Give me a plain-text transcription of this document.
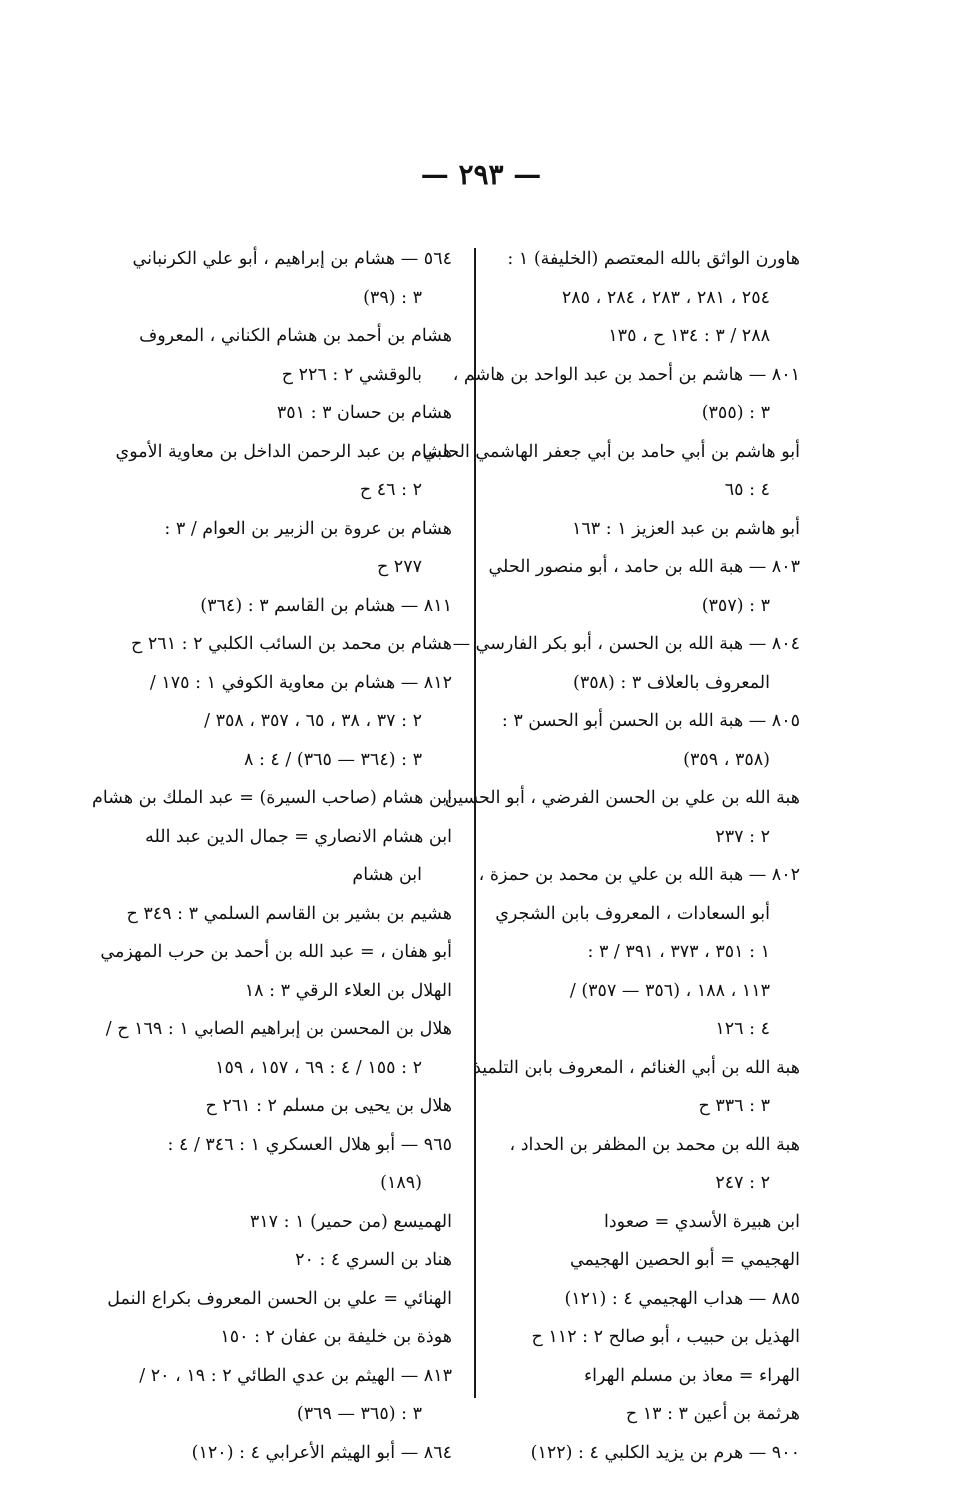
— ٢٩٣ —
هاورن الواثق بالله المعتصم (الخليفة) ١ :
٢٥٤ ، ٢٨١ ، ٢٨٣ ، ٢٨٤ ، ٢٨٥
٢٨٨ / ٣ : ١٣٤ ح ، ١٣٥
٨٠١ — هاشم بن أحمد بن عبد الواحد بن هاشم ،
٣ : (٣٥٥)
أبو هاشم بن أبي حامد بن أبي جعفر الهاشمي الحلبي
٤ : ٦٥
أبو هاشم بن عبد العزيز ١ : ١٦٣
٨٠٣ — هبة الله بن حامد ، أبو منصور الحلي
٣ : (٣٥٧)
٨٠٤ — هبة الله بن الحسن ، أبو بكر الفارسي —
المعروف بالعلاف ٣ : (٣٥٨)
٨٠٥ — هبة الله بن الحسن أبو الحسن ٣ :
(٣٥٨ ، ٣٥٩)
هبة الله بن علي بن الحسن الفرضي ، أبو الحسين
٢ : ٢٣٧
٨٠٢ — هبة الله بن علي بن محمد بن حمزة ،
أبو السعادات ، المعروف بابن الشجري
١ : ٣٥١ ، ٣٧٣ ، ٣٩١ / ٣ :
١١٣ ، ١٨٨ ، (٣٥٦ — ٣٥٧) /
٤ : ١٢٦
هبة الله بن أبي الغنائم ، المعروف بابن التلميذ
٣ : ٣٣٦ ح
هبة الله بن محمد بن المظفر بن الحداد ،
٢ : ٢٤٧
ابن هبيرة الأسدي = صعودا
الهجيمي = أبو الحصين الهجيمي
٨٨٥ — هداب الهجيمي ٤ : (١٢١)
الهذيل بن حبيب ، أبو صالح ٢ : ١١٢ ح
الهراء = معاذ بن مسلم الهراء
هرثمة بن أعين ٣ : ١٣ ح
٩٠٠ — هرم بن يزيد الكلبي ٤ : (١٢٢)
٥٦٤ — هشام بن إبراهيم ، أبو علي الكرنباني
٣ : (٣٩)
هشام بن أحمد بن هشام الكناني ، المعروف
بالوقشي ٢ : ٢٢٦ ح
هشام بن حسان ٣ : ٣٥١
هشام بن عبد الرحمن الداخل بن معاوية الأموي
٢ : ٤٦ ح
هشام بن عروة بن الزبير بن العوام / ٣ :
٢٧٧ ح
٨١١ — هشام بن القاسم ٣ : (٣٦٤)
هشام بن محمد بن السائب الكلبي ٢ : ٢٦١ ح
٨١٢ — هشام بن معاوية الكوفي ١ : ١٧٥ /
٢ : ٣٧ ، ٣٨ ، ٦٥ ، ٣٥٧ ، ٣٥٨ /
٣ : (٣٦٤ — ٣٦٥) / ٤ : ٨
ابن هشام (صاحب السيرة) = عبد الملك بن هشام
ابن هشام الانصاري = جمال الدين عبد الله
ابن هشام
هشيم بن بشير بن القاسم السلمي ٣ : ٣٤٩ ح
أبو هفان ، = عبد الله بن أحمد بن حرب المهزمي
الهلال بن العلاء الرقي ٣ : ١٨
هلال بن المحسن بن إبراهيم الصابي ١ : ١٦٩ ح /
٢ : ١٥٥ / ٤ : ٦٩ ، ١٥٧ ، ١٥٩
هلال بن يحيى بن مسلم ٢ : ٢٦١ ح
٩٦٥ — أبو هلال العسكري ١ : ٣٤٦ / ٤ :
(١٨٩)
الهميسع (من حمير) ١ : ٣١٧
هناد بن السري ٤ : ٢٠
الهنائي = علي بن الحسن المعروف بكراع النمل
هوذة بن خليفة بن عفان ٢ : ١٥٠
٨١٣ — الهيثم بن عدي الطائي ٢ : ١٩ ، ٢٠ /
٣ : (٣٦٥ — ٣٦٩)
٨٦٤ — أبو الهيثم الأعرابي ٤ : (١٢٠)
